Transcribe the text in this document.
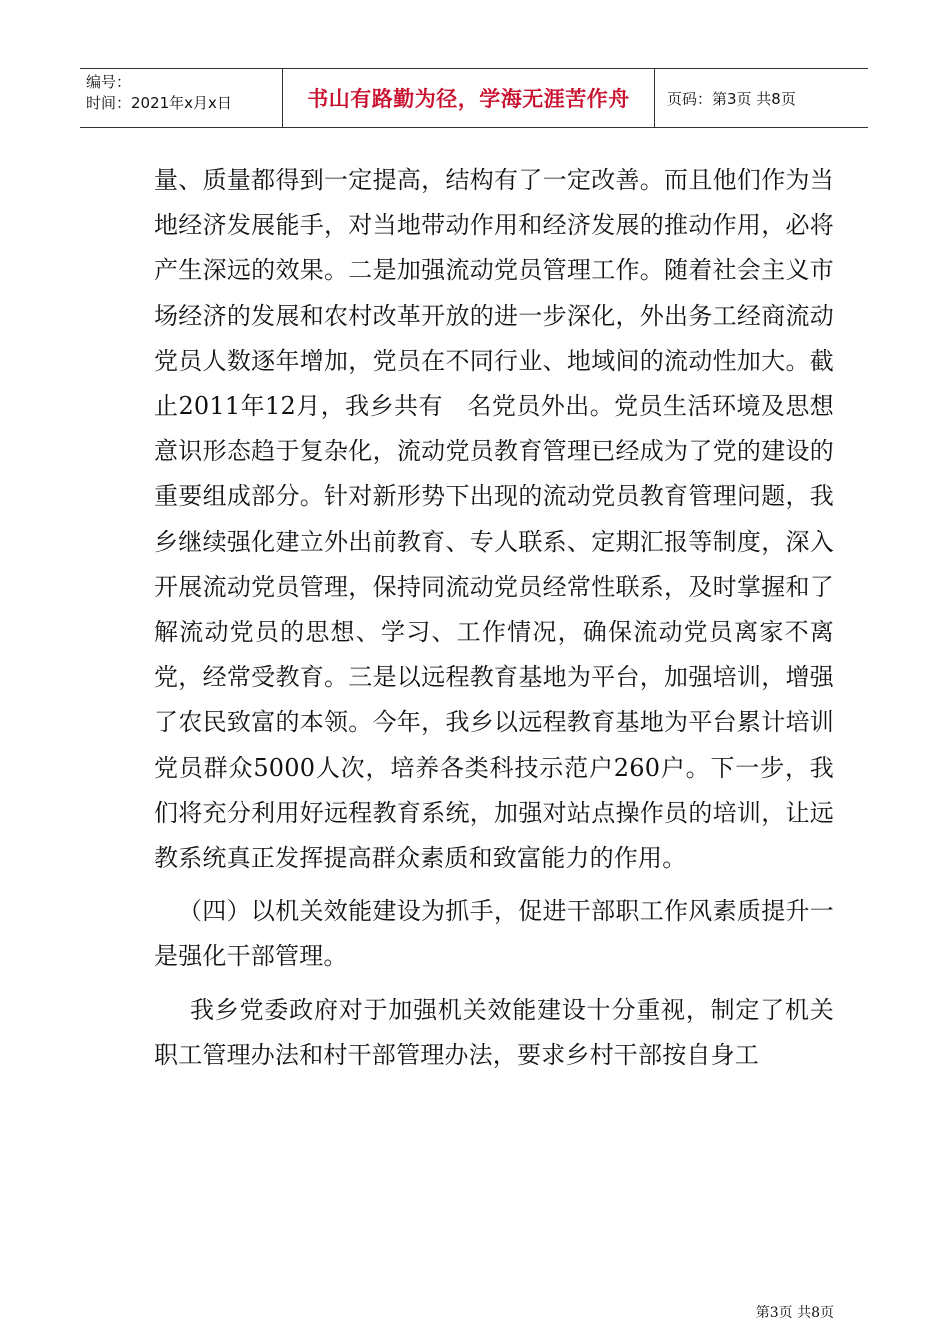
编号：
时间：2021年x月x日	书山有路勤为径，学海无涯苦作舟	页码：第3页 共8页

量、质量都得到一定提高，结构有了一定改善。而且他们作为当地经济发展能手，对当地带动作用和经济发展的推动作用，必将产生深远的效果。二是加强流动党员管理工作。随着社会主义市场经济的发展和农村改革开放的进一步深化，外出务工经商流动党员人数逐年增加，党员在不同行业、地域间的流动性加大。截止2011年12月，我乡共有　名党员外出。党员生活环境及思想意识形态趋于复杂化，流动党员教育管理已经成为了党的建设的重要组成部分。针对新形势下出现的流动党员教育管理问题，我乡继续强化建立外出前教育、专人联系、定期汇报等制度，深入开展流动党员管理，保持同流动党员经常性联系，及时掌握和了解流动党员的思想、学习、工作情况，确保流动党员离家不离党，经常受教育。三是以远程教育基地为平台，加强培训，增强了农民致富的本领。今年，我乡以远程教育基地为平台累计培训党员群众5000人次，培养各类科技示范户260户。下一步，我们将充分利用好远程教育系统，加强对站点操作员的培训，让远教系统真正发挥提高群众素质和致富能力的作用。

（四）以机关效能建设为抓手，促进干部职工作风素质提升一是强化干部管理。

我乡党委政府对于加强机关效能建设十分重视，制定了机关职工管理办法和村干部管理办法，要求乡村干部按自身工

第3页 共8页
